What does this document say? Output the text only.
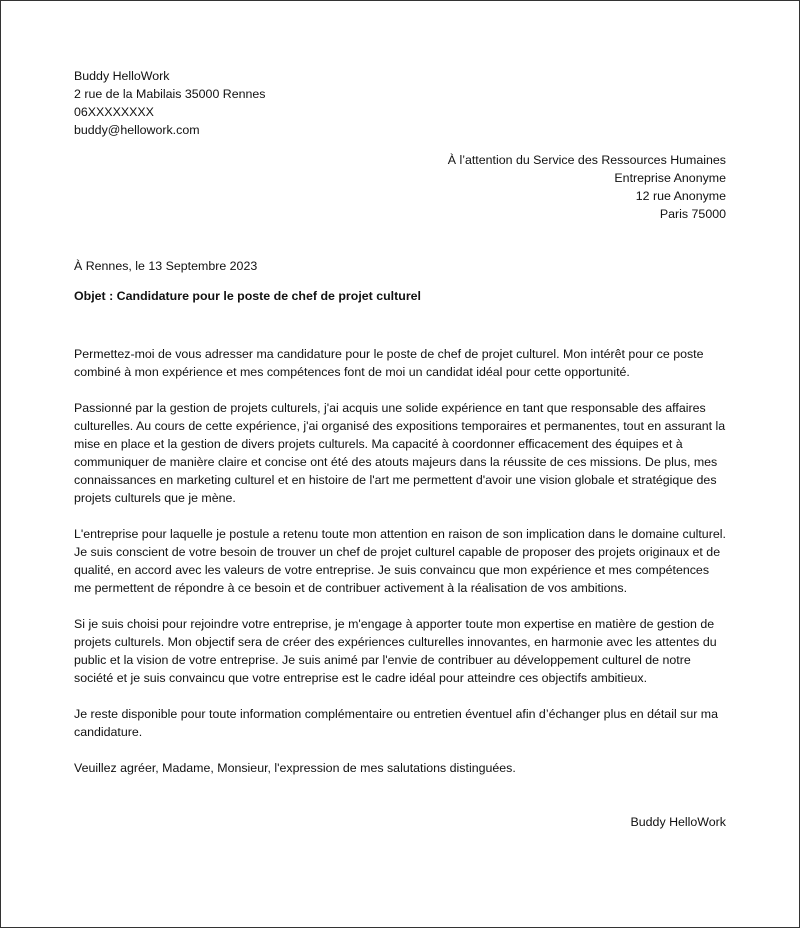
Buddy HelloWork
2 rue de la Mabilais 35000 Rennes
06XXXXXXXX
buddy@hellowork.com
À l’attention du Service des Ressources Humaines
Entreprise Anonyme
12 rue Anonyme
Paris 75000
À Rennes, le 13 Septembre 2023
Objet : Candidature pour le poste de chef de projet culturel

Permettez-moi de vous adresser ma candidature pour le poste de chef de projet culturel. Mon intérêt pour ce poste combiné à mon expérience et mes compétences font de moi un candidat idéal pour cette opportunité.

Passionné par la gestion de projets culturels, j'ai acquis une solide expérience en tant que responsable des affaires culturelles. Au cours de cette expérience, j'ai organisé des expositions temporaires et permanentes, tout en assurant la mise en place et la gestion de divers projets culturels. Ma capacité à coordonner efficacement des équipes et à communiquer de manière claire et concise ont été des atouts majeurs dans la réussite de ces missions. De plus, mes connaissances en marketing culturel et en histoire de l'art me permettent d'avoir une vision globale et stratégique des projets culturels que je mène.

L'entreprise pour laquelle je postule a retenu toute mon attention en raison de son implication dans le domaine culturel. Je suis conscient de votre besoin de trouver un chef de projet culturel capable de proposer des projets originaux et de qualité, en accord avec les valeurs de votre entreprise. Je suis convaincu que mon expérience et mes compétences me permettent de répondre à ce besoin et de contribuer activement à la réalisation de vos ambitions.

Si je suis choisi pour rejoindre votre entreprise, je m'engage à apporter toute mon expertise en matière de gestion de projets culturels. Mon objectif sera de créer des expériences culturelles innovantes, en harmonie avec les attentes du public et la vision de votre entreprise. Je suis animé par l'envie de contribuer au développement culturel de notre société et je suis convaincu que votre entreprise est le cadre idéal pour atteindre ces objectifs ambitieux.

Je reste disponible pour toute information complémentaire ou entretien éventuel afin d’échanger plus en détail sur ma candidature.

Veuillez agréer, Madame, Monsieur, l'expression de mes salutations distinguées.

Buddy HelloWork
